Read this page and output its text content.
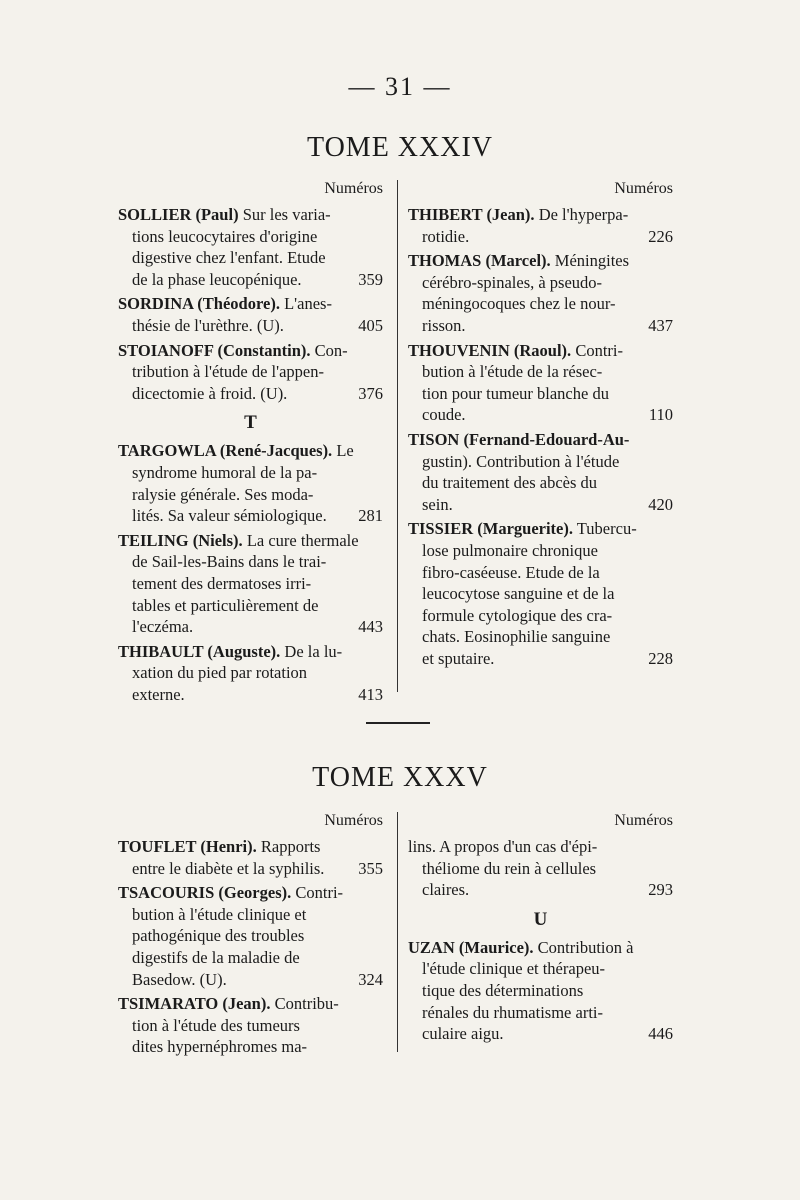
— 31 —
TOME XXXIV
Numéros
SOLLIER (Paul) Sur les varia-
tions leucocytaires d'origine
digestive chez l'enfant. Etude
de la phase leucopénique.	359
SORDINA (Théodore). L'anes-
thésie de l'urèthre. (U).	405
STOIANOFF (Constantin). Con-
tribution à l'étude de l'appen-
dicectomie à froid. (U).	376
T
TARGOWLA (René-Jacques). Le
syndrome humoral de la pa-
ralysie générale. Ses moda-
lités. Sa valeur sémiologique. 281
TEILING (Niels). La cure thermale
de Sail-les-Bains dans le trai-
tement des dermatoses irri-
tables et particulièrement de
l'eczéma.	443
THIBAULT (Auguste). De la lu-
xation du pied par rotation
externe.	413
Numéros
THIBERT (Jean). De l'hyperpa-
rotidie.	226
THOMAS (Marcel). Méningites
cérébro-spinales, à pseudo-
méningocoques chez le nour-
risson.	437
THOUVENIN (Raoul). Contri-
bution à l'étude de la résec-
tion pour tumeur blanche du
coude.	110
TISON (Fernand-Edouard-Au-
gustin). Contribution à l'étude
du traitement des abcès du
sein.	420
TISSIER (Marguerite). Tubercu-
lose pulmonaire chronique
fibro-caséeuse. Etude de la
leucocytose sanguine et de la
formule cytologique des cra-
chats. Eosinophilie sanguine
et sputaire.	228
TOME XXXV
Numéros
TOUFLET (Henri). Rapports
entre le diabète et la syphilis. 355
TSACOURIS (Georges). Contri-
bution à l'étude clinique et
pathogénique des troubles
digestifs de la maladie de
Basedow. (U).	324
TSIMARATO (Jean). Contribu-
tion à l'étude des tumeurs
dites hypernéphromes ma-
Numéros
lins. A propos d'un cas d'épi-
théliome du rein à cellules
claires.	293
U
UZAN (Maurice). Contribution à
l'étude clinique et thérapeu-
tique des déterminations
rénales du rhumatisme arti-
culaire aigu.	446
